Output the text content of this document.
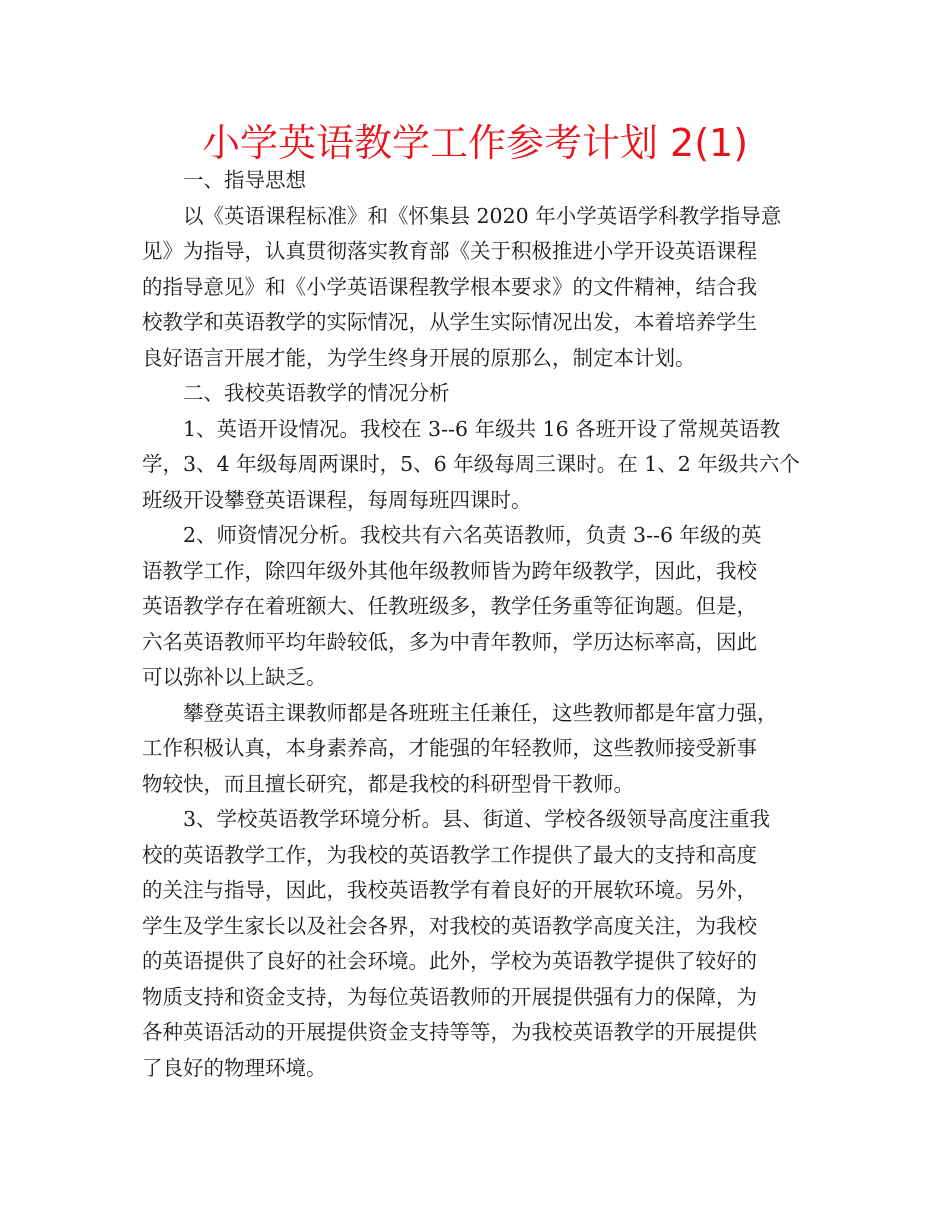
小学英语教学工作参考计划 2(1)

一、指导思想

以《英语课程标准》和《怀集县 2020 年小学英语学科教学指导意

见》为指导，认真贯彻落实教育部《关于积极推进小学开设英语课程

的指导意见》和《小学英语课程教学根本要求》的文件精神，结合我

校教学和英语教学的实际情况，从学生实际情况出发，本着培养学生

良好语言开展才能，为学生终身开展的原那么，制定本计划。

二、我校英语教学的情况分析

1、英语开设情况。我校在 3--6 年级共 16 各班开设了常规英语教

学，3、4 年级每周两课时，5、6 年级每周三课时。在 1、2 年级共六个

班级开设攀登英语课程，每周每班四课时。

2、师资情况分析。我校共有六名英语教师，负责 3--6 年级的英

语教学工作，除四年级外其他年级教师皆为跨年级教学，因此，我校

英语教学存在着班额大、任教班级多，教学任务重等征询题。但是，

六名英语教师平均年龄较低，多为中青年教师，学历达标率高，因此

可以弥补以上缺乏。

攀登英语主课教师都是各班班主任兼任，这些教师都是年富力强，

工作积极认真，本身素养高，才能强的年轻教师，这些教师接受新事

物较快，而且擅长研究，都是我校的科研型骨干教师。

3、学校英语教学环境分析。县、街道、学校各级领导高度注重我

校的英语教学工作，为我校的英语教学工作提供了最大的支持和高度

的关注与指导，因此，我校英语教学有着良好的开展软环境。另外，

学生及学生家长以及社会各界，对我校的英语教学高度关注，为我校

的英语提供了良好的社会环境。此外，学校为英语教学提供了较好的

物质支持和资金支持，为每位英语教师的开展提供强有力的保障，为

各种英语活动的开展提供资金支持等等，为我校英语教学的开展提供

了良好的物理环境。
